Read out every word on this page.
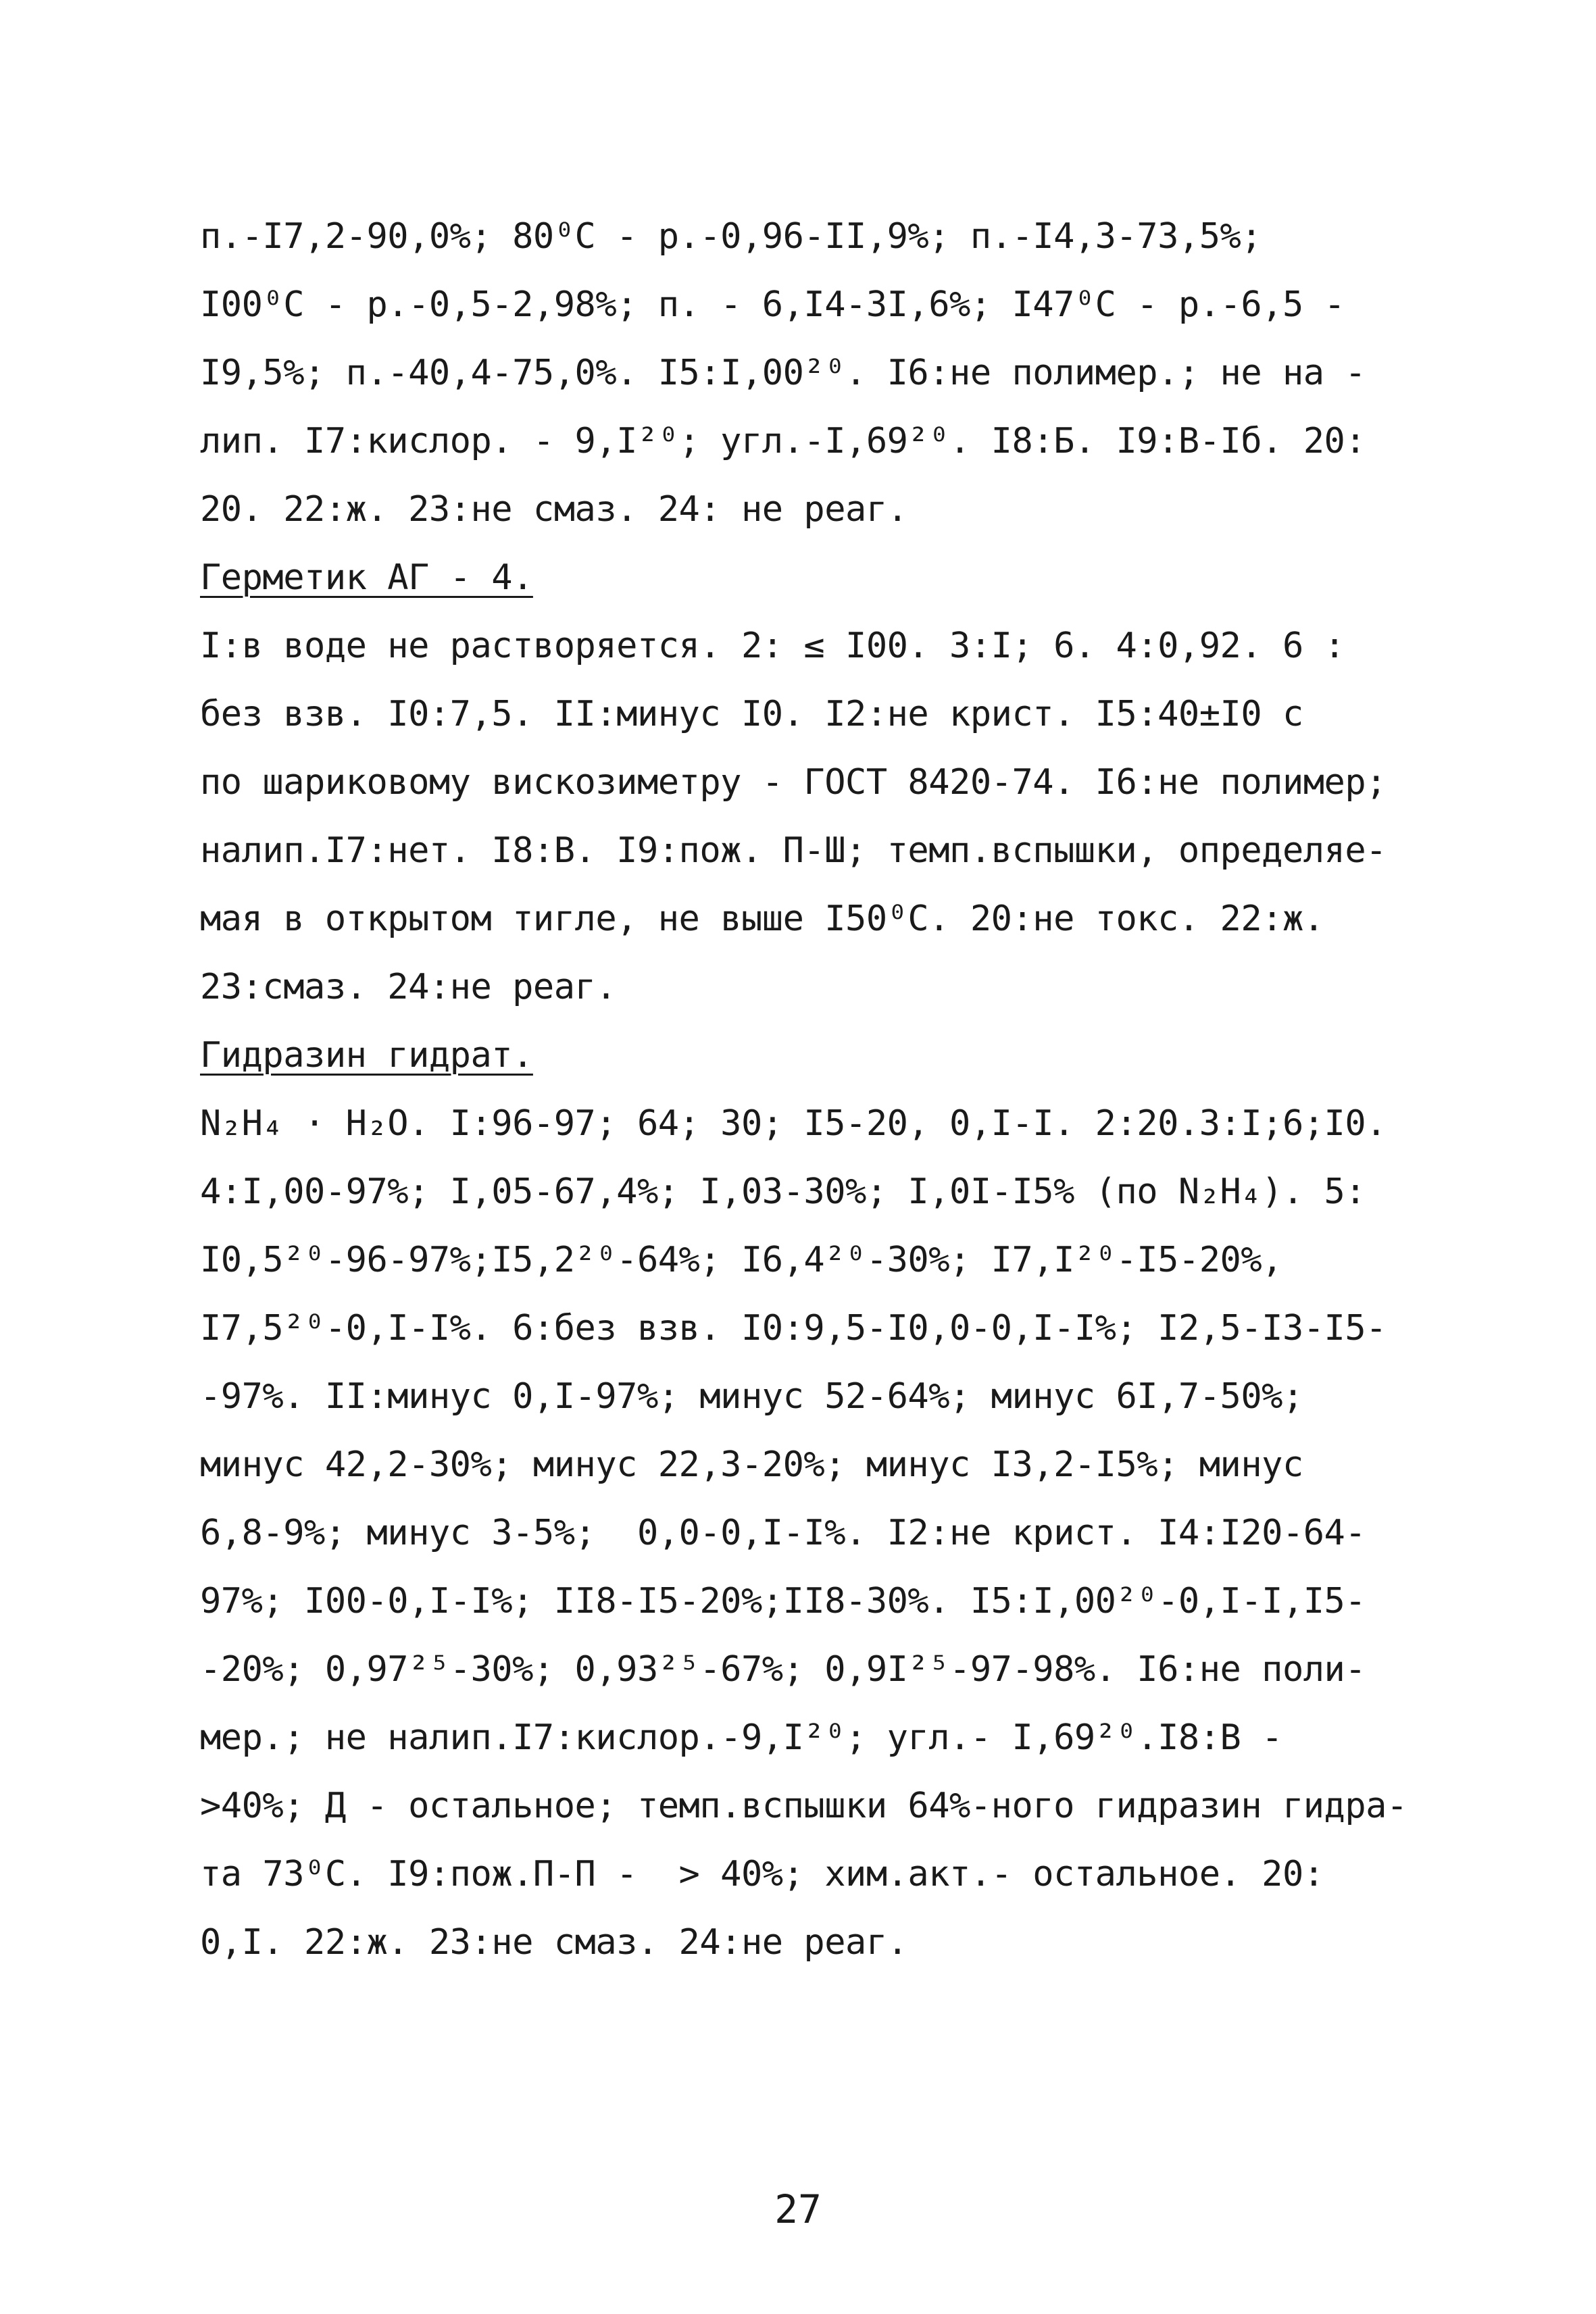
п.-I7,2-90,0%; 80⁰С - р.-0,96-II,9%; п.-I4,3-73,5%;
I00⁰С - р.-0,5-2,98%; п. - 6,I4-3I,6%; I47⁰С - р.-6,5 -
I9,5%; п.-40,4-75,0%. I5:I,00²⁰. I6:не полимер.; не на -
лип. I7:кислор. - 9,I²⁰; угл.-I,69²⁰. I8:Б. I9:В-Iб. 20:
20. 22:ж. 23:не смаз. 24: не реаг.
Герметик АГ - 4.
I:в воде не растворяется. 2: ≤ I00. 3:I; 6. 4:0,92. 6 :
без взв. I0:7,5. II:минус I0. I2:не крист. I5:40±I0 с
по шариковому вискозиметру - ГОСТ 8420-74. I6:не полимер;
налип.I7:нет. I8:В. I9:пож. П-Ш; темп.вспышки, определяе-
мая в открытом тигле, не выше I50⁰С. 20:не токс. 22:ж.
23:смаз. 24:не реаг.
Гидразин гидрат.
N₂H₄ · H₂O. I:96-97; 64; 30; I5-20, 0,I-I. 2:20.3:I;6;I0.
4:I,00-97%; I,05-67,4%; I,03-30%; I,0I-I5% (по N₂H₄). 5:
I0,5²⁰-96-97%;I5,2²⁰-64%; I6,4²⁰-30%; I7,I²⁰-I5-20%,
I7,5²⁰-0,I-I%. 6:без взв. I0:9,5-I0,0-0,I-I%; I2,5-I3-I5-
-97%. II:минус 0,I-97%; минус 52-64%; минус 6I,7-50%;
минус 42,2-30%; минус 22,3-20%; минус I3,2-I5%; минус
6,8-9%; минус 3-5%;  0,0-0,I-I%. I2:не крист. I4:I20-64-
97%; I00-0,I-I%; II8-I5-20%;II8-30%. I5:I,00²⁰-0,I-I,I5-
-20%; 0,97²⁵-30%; 0,93²⁵-67%; 0,9I²⁵-97-98%. I6:не поли-
мер.; не налип.I7:кислор.-9,I²⁰; угл.- I,69²⁰.I8:В -
>40%; Д - остальное; темп.вспышки 64%-ного гидразин гидра-
та 73⁰С. I9:пож.П-П -  > 40%; хим.акт.- остальное. 20:
0,I. 22:ж. 23:не смаз. 24:не реаг.
27
